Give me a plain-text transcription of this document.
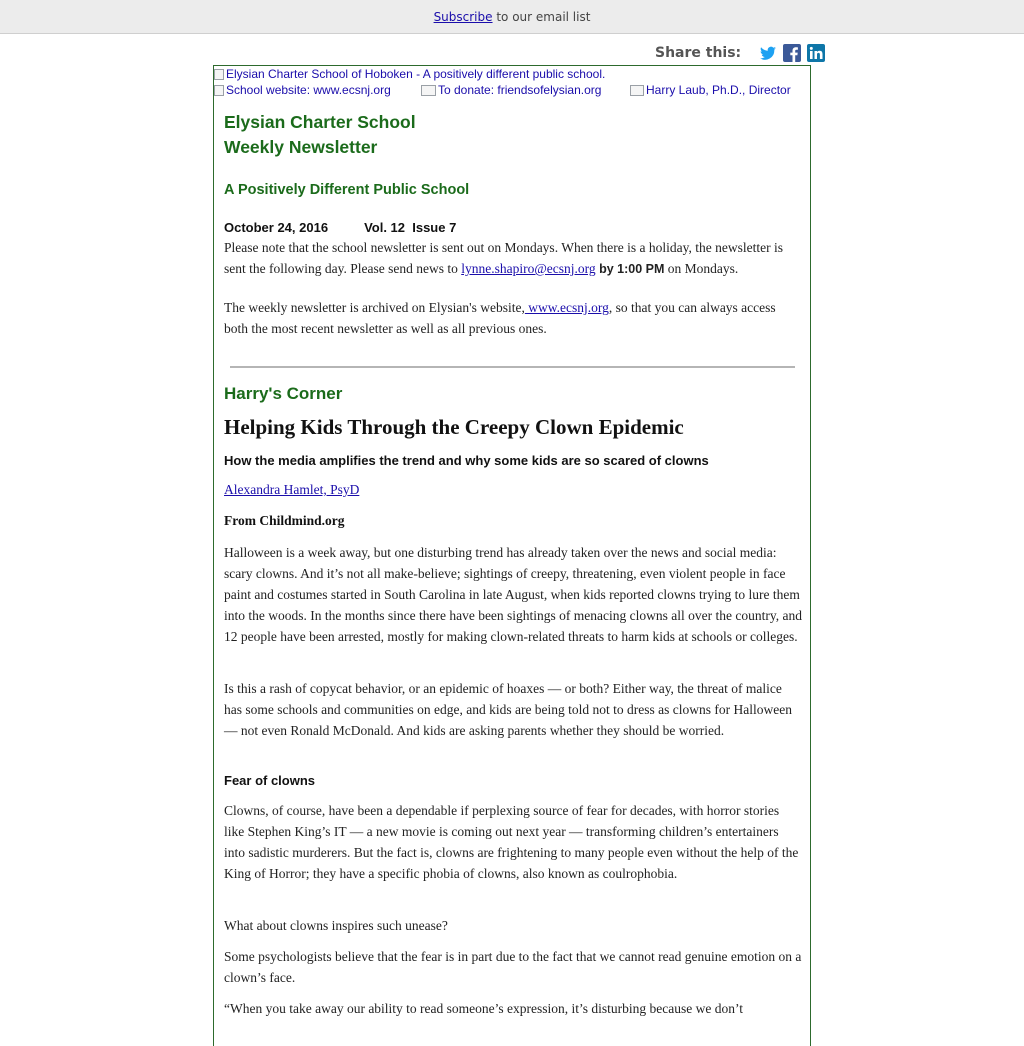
Subscribe to our email list
Share this:
Elysian Charter School of Hoboken - A positively different public school.
School website: www.ecsnj.org	To donate: friendsofelysian.org	Harry Laub, Ph.D., Director
Elysian Charter School
Weekly Newsletter
A Positively Different Public School
October 24, 2016	Vol. 12  Issue 7
Please note that the school newsletter is sent out on Mondays. When there is a holiday, the newsletter is sent the following day. Please send news to lynne.shapiro@ecsnj.org by 1:00 PM on Mondays.
The weekly newsletter is archived on Elysian's website, www.ecsnj.org, so that you can always access both the most recent newsletter as well as all previous ones.
Harry's Corner
Helping Kids Through the Creepy Clown Epidemic
How the media amplifies the trend and why some kids are so scared of clowns
Alexandra Hamlet, PsyD
From Childmind.org
Halloween is a week away, but one disturbing trend has already taken over the news and social media: scary clowns. And it’s not all make-believe; sightings of creepy, threatening, even violent people in face paint and costumes started in South Carolina in late August, when kids reported clowns trying to lure them into the woods. In the months since there have been sightings of menacing clowns all over the country, and 12 people have been arrested, mostly for making clown-related threats to harm kids at schools or colleges.
Is this a rash of copycat behavior, or an epidemic of hoaxes — or both? Either way, the threat of malice has some schools and communities on edge, and kids are being told not to dress as clowns for Halloween — not even Ronald McDonald. And kids are asking parents whether they should be worried.
Fear of clowns
Clowns, of course, have been a dependable if perplexing source of fear for decades, with horror stories like Stephen King’s IT — a new movie is coming out next year — transforming children’s entertainers into sadistic murderers. But the fact is, clowns are frightening to many people even without the help of the King of Horror; they have a specific phobia of clowns, also known as coulrophobia.
What about clowns inspires such unease?
Some psychologists believe that the fear is in part due to the fact that we cannot read genuine emotion on a clown’s face.
“When you take away our ability to read someone’s expression, it’s disturbing because we don’t
